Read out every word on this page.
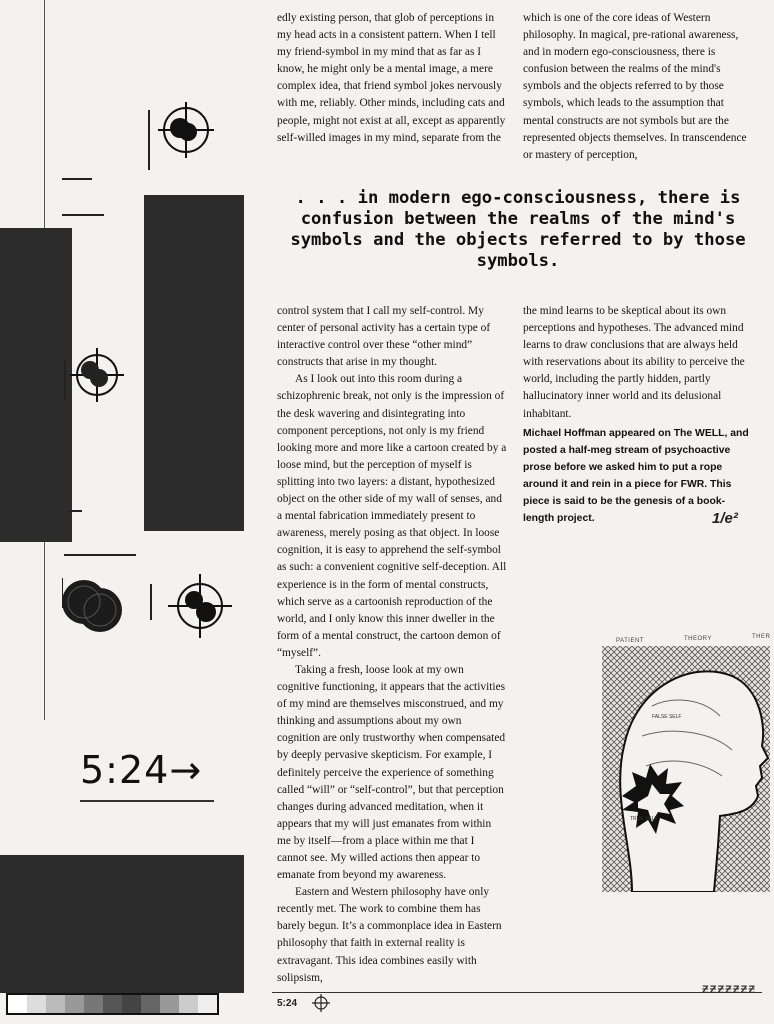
5:24→

edly existing person, that glob of perceptions in my head acts in a consistent pattern. When I tell my friend-symbol in my mind that as far as I know, he might only be a mental image, a mere complex idea, that friend symbol jokes nervously with me, reliably. Other minds, including cats and people, might not exist at all, except as apparently self-willed images in my mind, separate from the

which is one of the core ideas of Western philosophy. In magical, pre-rational awareness, and in modern ego-consciousness, there is confusion between the realms of the mind's symbols and the objects referred to by those symbols, which leads to the assumption that mental constructs are not symbols but are the represented objects themselves. In transcendence or mastery of perception,

. . . in modern ego-consciousness, there is confusion between the realms of the mind's symbols and the objects referred to by those symbols.

control system that I call my self-control. My center of personal activity has a certain type of interactive control over these “other mind” constructs that arise in my thought.

As I look out into this room during a schizophrenic break, not only is the impression of the desk wavering and disintegrating into component perceptions, not only is my friend looking more and more like a cartoon created by a loose mind, but the perception of myself is splitting into two layers: a distant, hypothesized object on the other side of my wall of senses, and a mental fabrication immediately present to awareness, merely posing as that object. In loose cognition, it is easy to apprehend the self-symbol as such: a convenient cognitive self-deception. All experience is in the form of mental constructs, which serve as a cartoonish reproduction of the world, and I only know this inner dweller in the form of a mental construct, the cartoon demon of “myself”.

Taking a fresh, loose look at my own cognitive functioning, it appears that the activities of my mind are themselves misconstrued, and my thinking and assumptions about my own cognition are only trustworthy when compensated by deeply pervasive skepticism. For example, I definitely perceive the experience of something called “will” or “self-control”, but that perception changes during advanced meditation, when it appears that my will just emanates from within me by itself—from a place within me that I cannot see. My willed actions then appear to emanate from beyond my awareness.

Eastern and Western philosophy have only recently met. The work to combine them has barely begun. It’s a commonplace idea in Eastern philosophy that faith in external reality is extravagant. This idea combines easily with solipsism,

the mind learns to be skeptical about its own perceptions and hypotheses. The advanced mind learns to draw conclusions that are always held with reservations about its ability to perceive the world, including the partly hidden, partly hallucinatory inner world and its delusional inhabitant.

Michael Hoffman appeared on The WELL, and posted a half-meg stream of psychoactive prose before we asked him to put a rope around it and rein in a piece for FWR. This piece is said to be the genesis of a book-length project.	1/e²
PATIENT	THEORY	THER
FALSE SELF
TRUE SELF
5:24
ƵƵƵƵƵƵƵ
